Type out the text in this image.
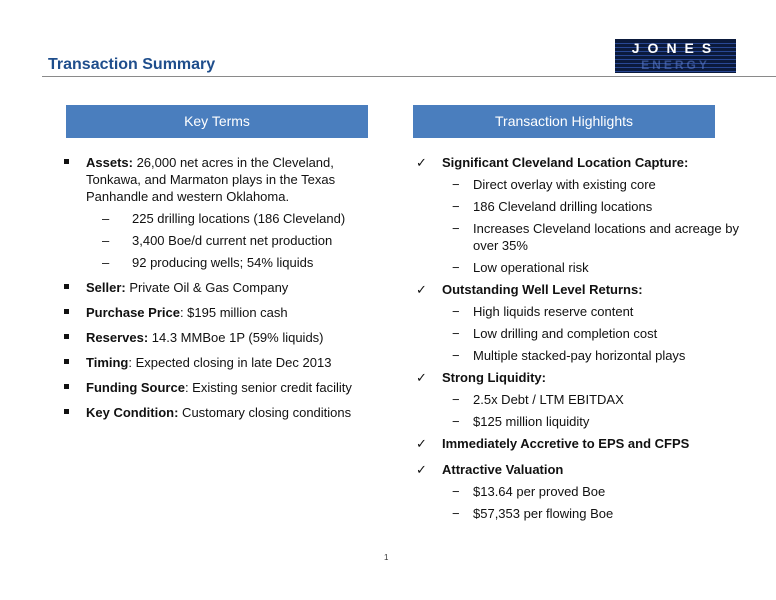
Transaction Summary
JONES
ENERGY
Key Terms	Transaction Highlights
Assets: 26,000 net acres in the Cleveland, Tonkawa, and Marmaton plays in the Texas Panhandle and western Oklahoma.
– 225 drilling locations (186 Cleveland)
– 3,400 Boe/d current net production
– 92 producing wells; 54% liquids
Seller: Private Oil & Gas Company
Purchase Price: $195 million cash
Reserves: 14.3 MMBoe 1P (59% liquids)
Timing: Expected closing in late Dec 2013
Funding Source: Existing senior credit facility
Key Condition: Customary closing conditions
✓ Significant Cleveland Location Capture:
− Direct overlay with existing core
− 186 Cleveland drilling locations
− Increases Cleveland locations and acreage by over 35%
− Low operational risk
✓ Outstanding Well Level Returns:
− High liquids reserve content
− Low drilling and completion cost
− Multiple stacked-pay horizontal plays
✓ Strong Liquidity:
− 2.5x Debt / LTM EBITDAX
− $125 million liquidity
✓ Immediately Accretive to EPS and CFPS
✓ Attractive Valuation
− $13.64 per proved Boe
− $57,353 per flowing Boe
1
